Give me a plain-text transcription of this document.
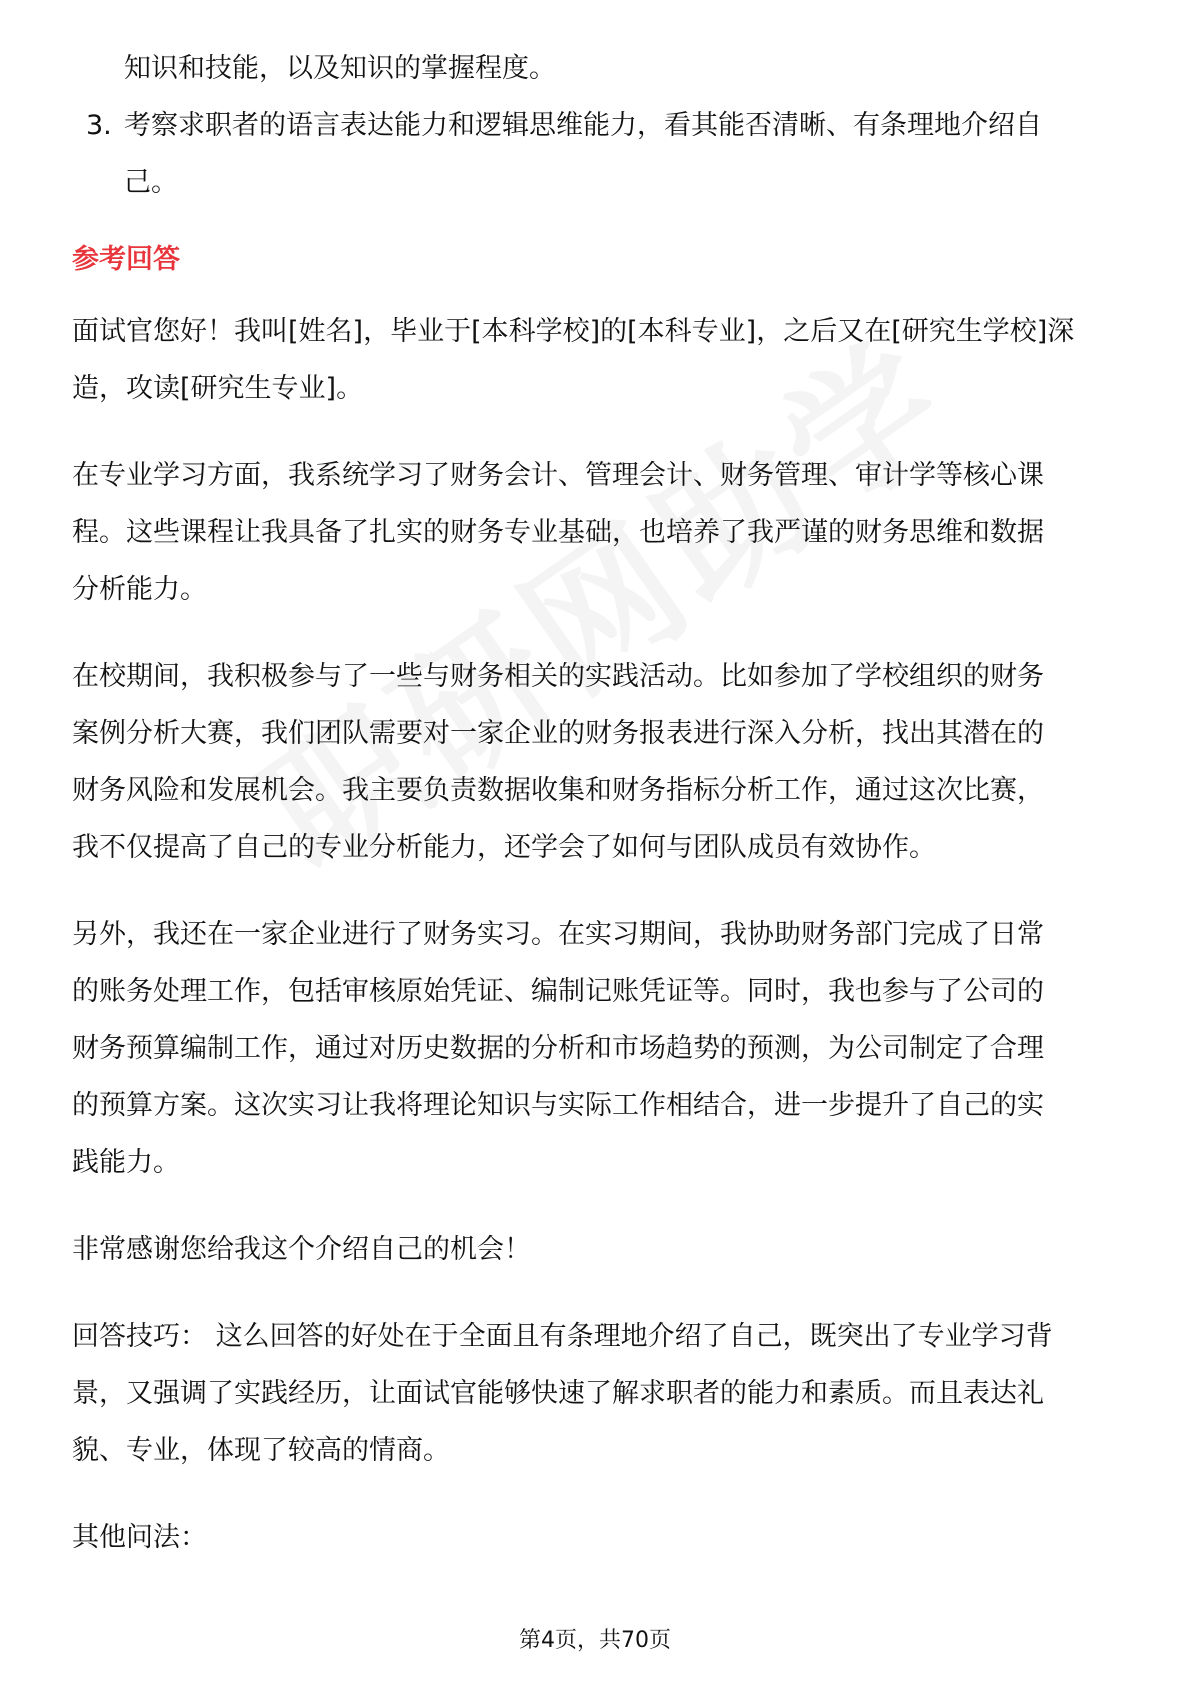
知识和技能，以及知识的掌握程度。
3. 考察求职者的语言表达能力和逻辑思维能力，看其能否清晰、有条理地介绍自
己。
参考回答
面试官您好！我叫[姓名]，毕业于[本科学校]的[本科专业]，之后又在[研究生学校]深
造，攻读[研究生专业]。
在专业学习方面，我系统学习了财务会计、管理会计、财务管理、审计学等核心课
程。这些课程让我具备了扎实的财务专业基础，也培养了我严谨的财务思维和数据
分析能力。
在校期间，我积极参与了一些与财务相关的实践活动。比如参加了学校组织的财务
案例分析大赛，我们团队需要对一家企业的财务报表进行深入分析，找出其潜在的
财务风险和发展机会。我主要负责数据收集和财务指标分析工作，通过这次比赛，
我不仅提高了自己的专业分析能力，还学会了如何与团队成员有效协作。
另外，我还在一家企业进行了财务实习。在实习期间，我协助财务部门完成了日常
的账务处理工作，包括审核原始凭证、编制记账凭证等。同时，我也参与了公司的
财务预算编制工作，通过对历史数据的分析和市场趋势的预测，为公司制定了合理
的预算方案。这次实习让我将理论知识与实际工作相结合，进一步提升了自己的实
践能力。
非常感谢您给我这个介绍自己的机会！
回答技巧： 这么回答的好处在于全面且有条理地介绍了自己，既突出了专业学习背
景，又强调了实践经历，让面试官能够快速了解求职者的能力和素质。而且表达礼
貌、专业，体现了较高的情商。
其他问法：
第4页，共70页
